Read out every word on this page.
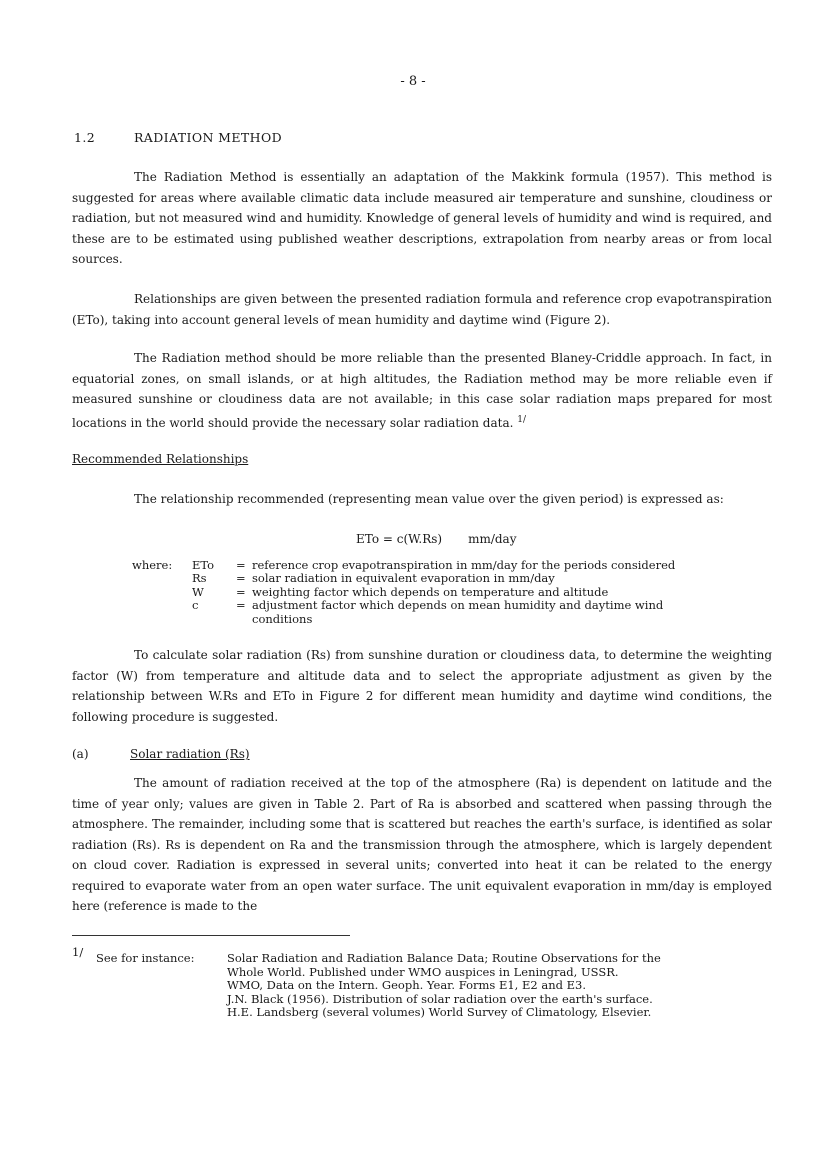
- 8 -
1.2	RADIATION METHOD

The Radiation Method is essentially an adaptation of the Makkink formula (1957). This method is suggested for areas where available climatic data include measured air temperature and sunshine, cloudiness or radiation, but not measured wind and humidity. Knowledge of general levels of humidity and wind is required, and these are to be estimated using published weather descriptions, extrapolation from nearby areas or from local sources.

Relationships are given between the presented radiation formula and reference crop evapotranspiration (ETo), taking into account general levels of mean humidity and daytime wind (Figure 2).

The Radiation method should be more reliable than the presented Blaney-Criddle approach. In fact, in equatorial zones, on small islands, or at high altitudes, the Radiation method may be more reliable even if measured sunshine or cloudiness data are not available; in this case solar radiation maps prepared for most locations in the world should provide the necessary solar radiation data. $^{1/}$

Recommended Relationships

The relationship recommended (representing mean value over the given period) is expressed as:

ETo = c(W.Rs) mm/day
where:	ETo	=	reference crop evapotranspiration in mm/day for the periods considered
	Rs	=	solar radiation in equivalent evaporation in mm/day
	W	=	weighting factor which depends on temperature and altitude
	c	=	adjustment factor which depends on mean humidity and daytime wind
			conditions

To calculate solar radiation (Rs) from sunshine duration or cloudiness data, to determine the weighting factor (W) from temperature and altitude data and to select the appropriate adjustment as given by the relationship between W.Rs and ETo in Figure 2 for different mean humidity and daytime wind conditions, the following procedure is suggested.

(a)	Solar radiation (Rs)

The amount of radiation received at the top of the atmosphere (Ra) is dependent on latitude and the time of year only; values are given in Table 2. Part of Ra is absorbed and scattered when passing through the atmosphere. The remainder, including some that is scattered but reaches the earth's surface, is identified as solar radiation (Rs). Rs is dependent on Ra and the transmission through the atmosphere, which is largely dependent on cloud cover. Radiation is expressed in several units; converted into heat it can be related to the energy required to evaporate water from an open water surface. The unit equivalent evaporation in mm/day is employed here (reference is made to the

1/ See for instance:	Solar Radiation and Radiation Balance Data; Routine Observations for the
Whole World. Published under WMO auspices in Leningrad, USSR.
WMO, Data on the Intern. Geoph. Year. Forms E1, E2 and E3.
J.N. Black (1956). Distribution of solar radiation over the earth's surface.
H.E. Landsberg (several volumes) World Survey of Climatology, Elsevier.
